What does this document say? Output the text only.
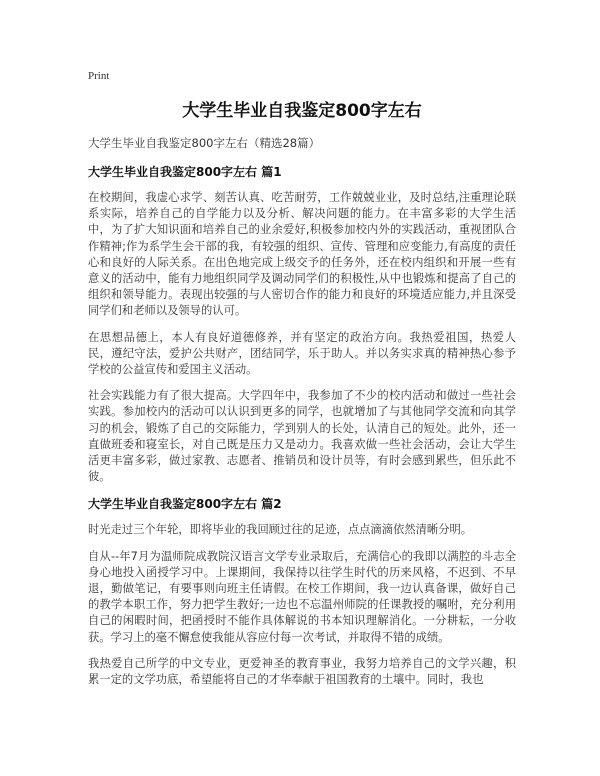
Print
大学生毕业自我鉴定800字左右
大学生毕业自我鉴定800字左右（精选28篇）
大学生毕业自我鉴定800字左右 篇1

在校期间，我虚心求学、刻苦认真、吃苦耐劳，工作兢兢业业，及时总结,注重理论联系实际，培养自己的自学能力以及分析、解决问题的能力。在丰富多彩的大学生活中，为了扩大知识面和培养自己的业余爱好,积极参加校内外的实践活动，重视团队合作精神;作为系学生会干部的我，有较强的组织、宣传、管理和应变能力,有高度的责任心和良好的人际关系。在出色地完成上级交予的任务外，还在校内组织和开展一些有意义的活动中，能有力地组织同学及调动同学们的积极性,从中也锻炼和提高了自己的组织和领导能力。表现出较强的与人密切合作的能力和良好的环境适应能力,并且深受同学们和老师以及领导的认可。

在思想品德上，本人有良好道德修养，并有坚定的政治方向。我热爱祖国，热爱人民，遵纪守法，爱护公共财产，团结同学，乐于助人。并以务实求真的精神热心参予学校的公益宣传和爱国主义活动。

社会实践能力有了很大提高。大学四年中，我参加了不少的校内活动和做过一些社会实践。参加校内的活动可以认识到更多的同学，也就增加了与其他同学交流和向其学习的机会，锻炼了自己的交际能力，学到别人的长处，认清自己的短处。此外，还一直做班委和寝室长，对自己既是压力又是动力。我喜欢做一些社会活动，会让大学生活更丰富多彩，做过家教、志愿者、推销员和设计员等，有时会感到累些，但乐此不彼。

大学生毕业自我鉴定800字左右 篇2

时光走过三个年轮，即将毕业的我回顾过往的足迹，点点滴滴依然清晰分明。

自从--年7月为温师院成教院汉语言文学专业录取后，充满信心的我即以满腔的斗志全身心地投入函授学习中。上课期间，我保持以往学生时代的历来风格，不迟到、不早退，勤做笔记，有要事则向班主任请假。在校工作期间，我一边认真备课，做好自己的教学本职工作，努力把学生教好;一边也不忘温州师院的任课教授的嘱咐，充分利用自己的闲暇时间，把函授时不能作具体解说的书本知识理解消化。一分耕耘，一分收获。学习上的毫不懈怠使我能从容应付每一次考试，并取得不错的成绩。

我热爱自己所学的中文专业，更爱神圣的教育事业，我努力培养自己的文学兴趣，积累一定的文学功底，希望能将自己的才华奉献于祖国教育的土壤中。同时，我也
